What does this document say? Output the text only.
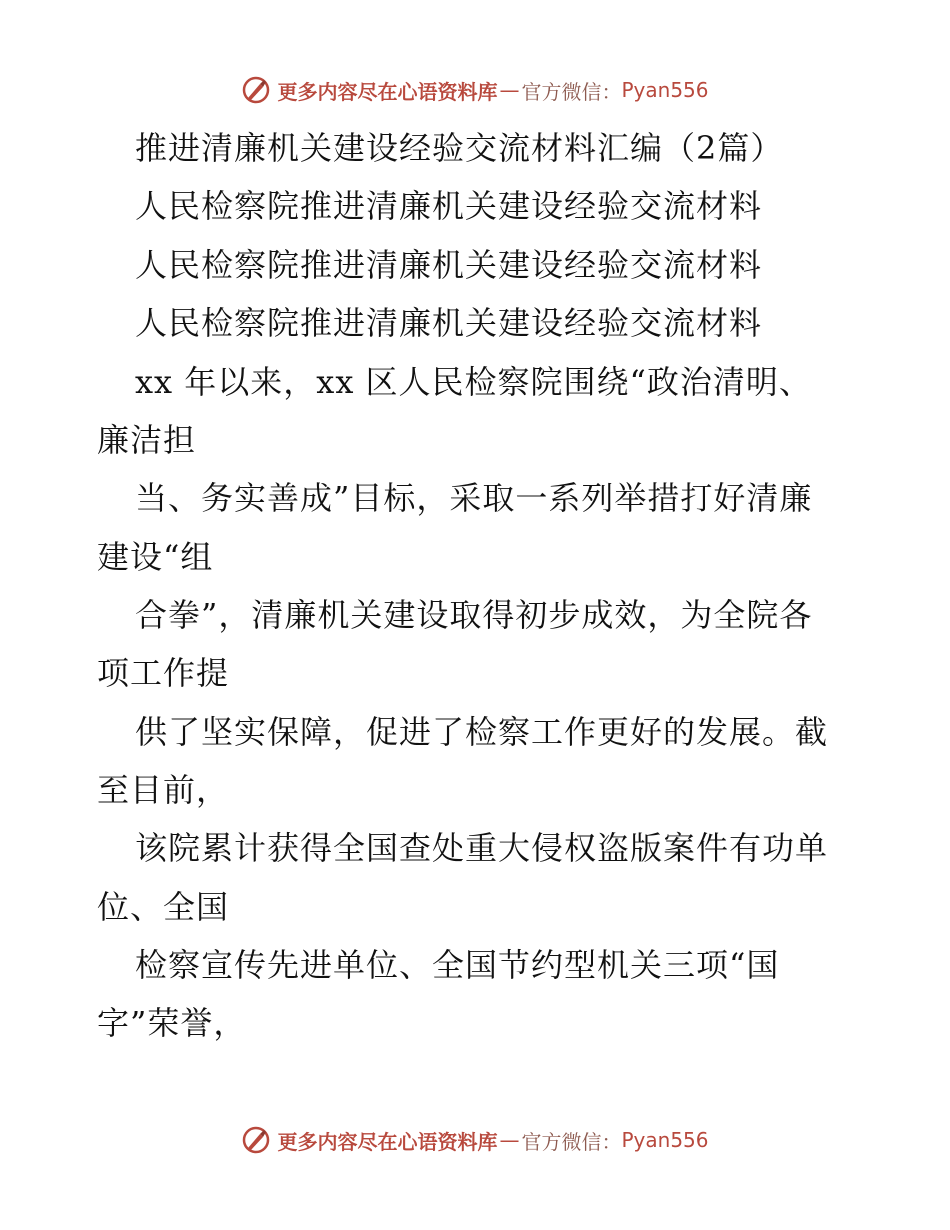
更多内容尽在心语资料库 — 官方微信： Pyan556
推进清廉机关建设经验交流材料汇编（2篇）
人民检察院推进清廉机关建设经验交流材料
人民检察院推进清廉机关建设经验交流材料
人民检察院推进清廉机关建设经验交流材料
xx 年以来，xx 区人民检察院围绕“政治清明、
廉洁担
当、务实善成”目标，采取一系列举措打好清廉
建设“组
合拳”，清廉机关建设取得初步成效，为全院各
项工作提
供了坚实保障，促进了检察工作更好的发展。截
至目前，
该院累计获得全国查处重大侵权盗版案件有功单
位、全国
检察宣传先进单位、全国节约型机关三项“国
字”荣誉，
更多内容尽在心语资料库 — 官方微信： Pyan556
